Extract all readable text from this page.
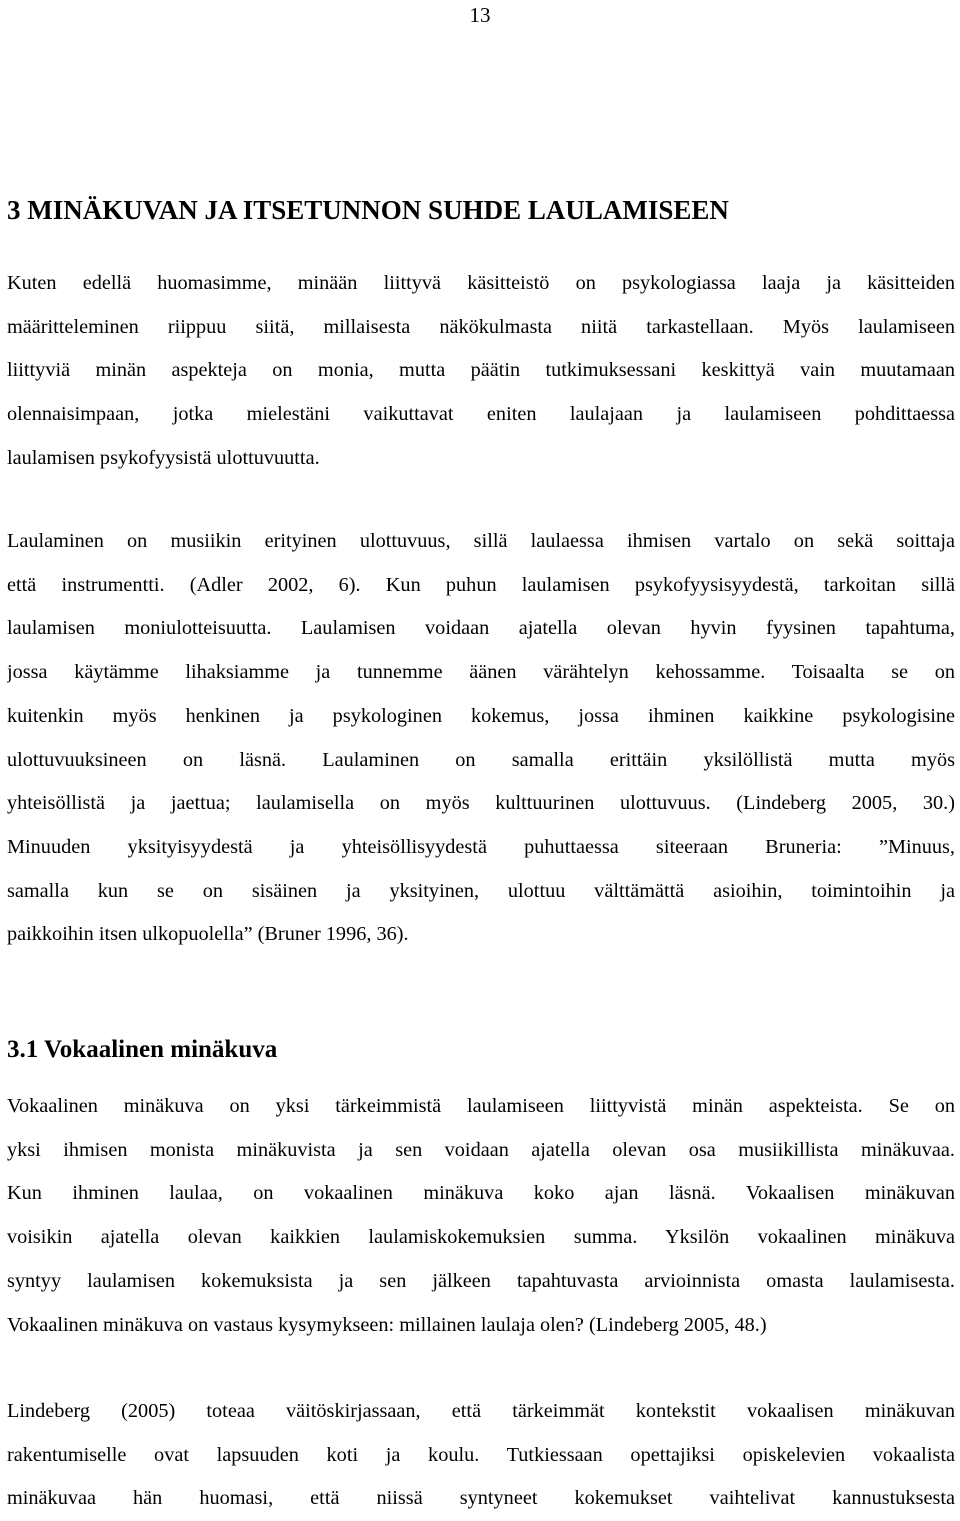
13
3 MINÄKUVAN JA ITSETUNNON SUHDE LAULAMISEEN

Kuten edellä huomasimme, minään liittyvä käsitteistö on psykologiassa laaja ja käsitteiden
määritteleminen riippuu siitä, millaisesta näkökulmasta niitä tarkastellaan. Myös laulamiseen
liittyviä minän aspekteja on monia, mutta päätin tutkimuksessani keskittyä vain muutamaan
olennaisimpaan, jotka mielestäni vaikuttavat eniten laulajaan ja laulamiseen pohdittaessa
laulamisen psykofyysistä ulottuvuutta.

Laulaminen on musiikin erityinen ulottuvuus, sillä laulaessa ihmisen vartalo on sekä soittaja
että instrumentti. (Adler 2002, 6). Kun puhun laulamisen psykofyysisyydestä, tarkoitan sillä
laulamisen moniulotteisuutta. Laulamisen voidaan ajatella olevan hyvin fyysinen tapahtuma,
jossa käytämme lihaksiamme ja tunnemme äänen värähtelyn kehossamme. Toisaalta se on
kuitenkin myös henkinen ja psykologinen kokemus, jossa ihminen kaikkine psykologisine
ulottuvuuksineen on läsnä. Laulaminen on samalla erittäin yksilöllistä mutta myös
yhteisöllistä ja jaettua; laulamisella on myös kulttuurinen ulottuvuus. (Lindeberg 2005, 30.)
Minuuden yksityisyydestä ja yhteisöllisyydestä puhuttaessa siteeraan Bruneria: ”Minuus,
samalla kun se on sisäinen ja yksityinen, ulottuu välttämättä asioihin, toimintoihin ja
paikkoihin itsen ulkopuolella” (Bruner 1996, 36).

3.1 Vokaalinen minäkuva

Vokaalinen minäkuva on yksi tärkeimmistä laulamiseen liittyvistä minän aspekteista. Se on
yksi ihmisen monista minäkuvista ja sen voidaan ajatella olevan osa musiikillista minäkuvaa.
Kun ihminen laulaa, on vokaalinen minäkuva koko ajan läsnä. Vokaalisen minäkuvan
voisikin ajatella olevan kaikkien laulamiskokemuksien summa. Yksilön vokaalinen minäkuva
syntyy laulamisen kokemuksista ja sen jälkeen tapahtuvasta arvioinnista omasta laulamisesta.
Vokaalinen minäkuva on vastaus kysymykseen: millainen laulaja olen? (Lindeberg 2005, 48.)

Lindeberg (2005) toteaa väitöskirjassaan, että tärkeimmät kontekstit vokaalisen minäkuvan
rakentumiselle ovat lapsuuden koti ja koulu. Tutkiessaan opettajiksi opiskelevien vokaalista
minäkuvaa hän huomasi, että niissä syntyneet kokemukset vaihtelivat kannustuksesta
